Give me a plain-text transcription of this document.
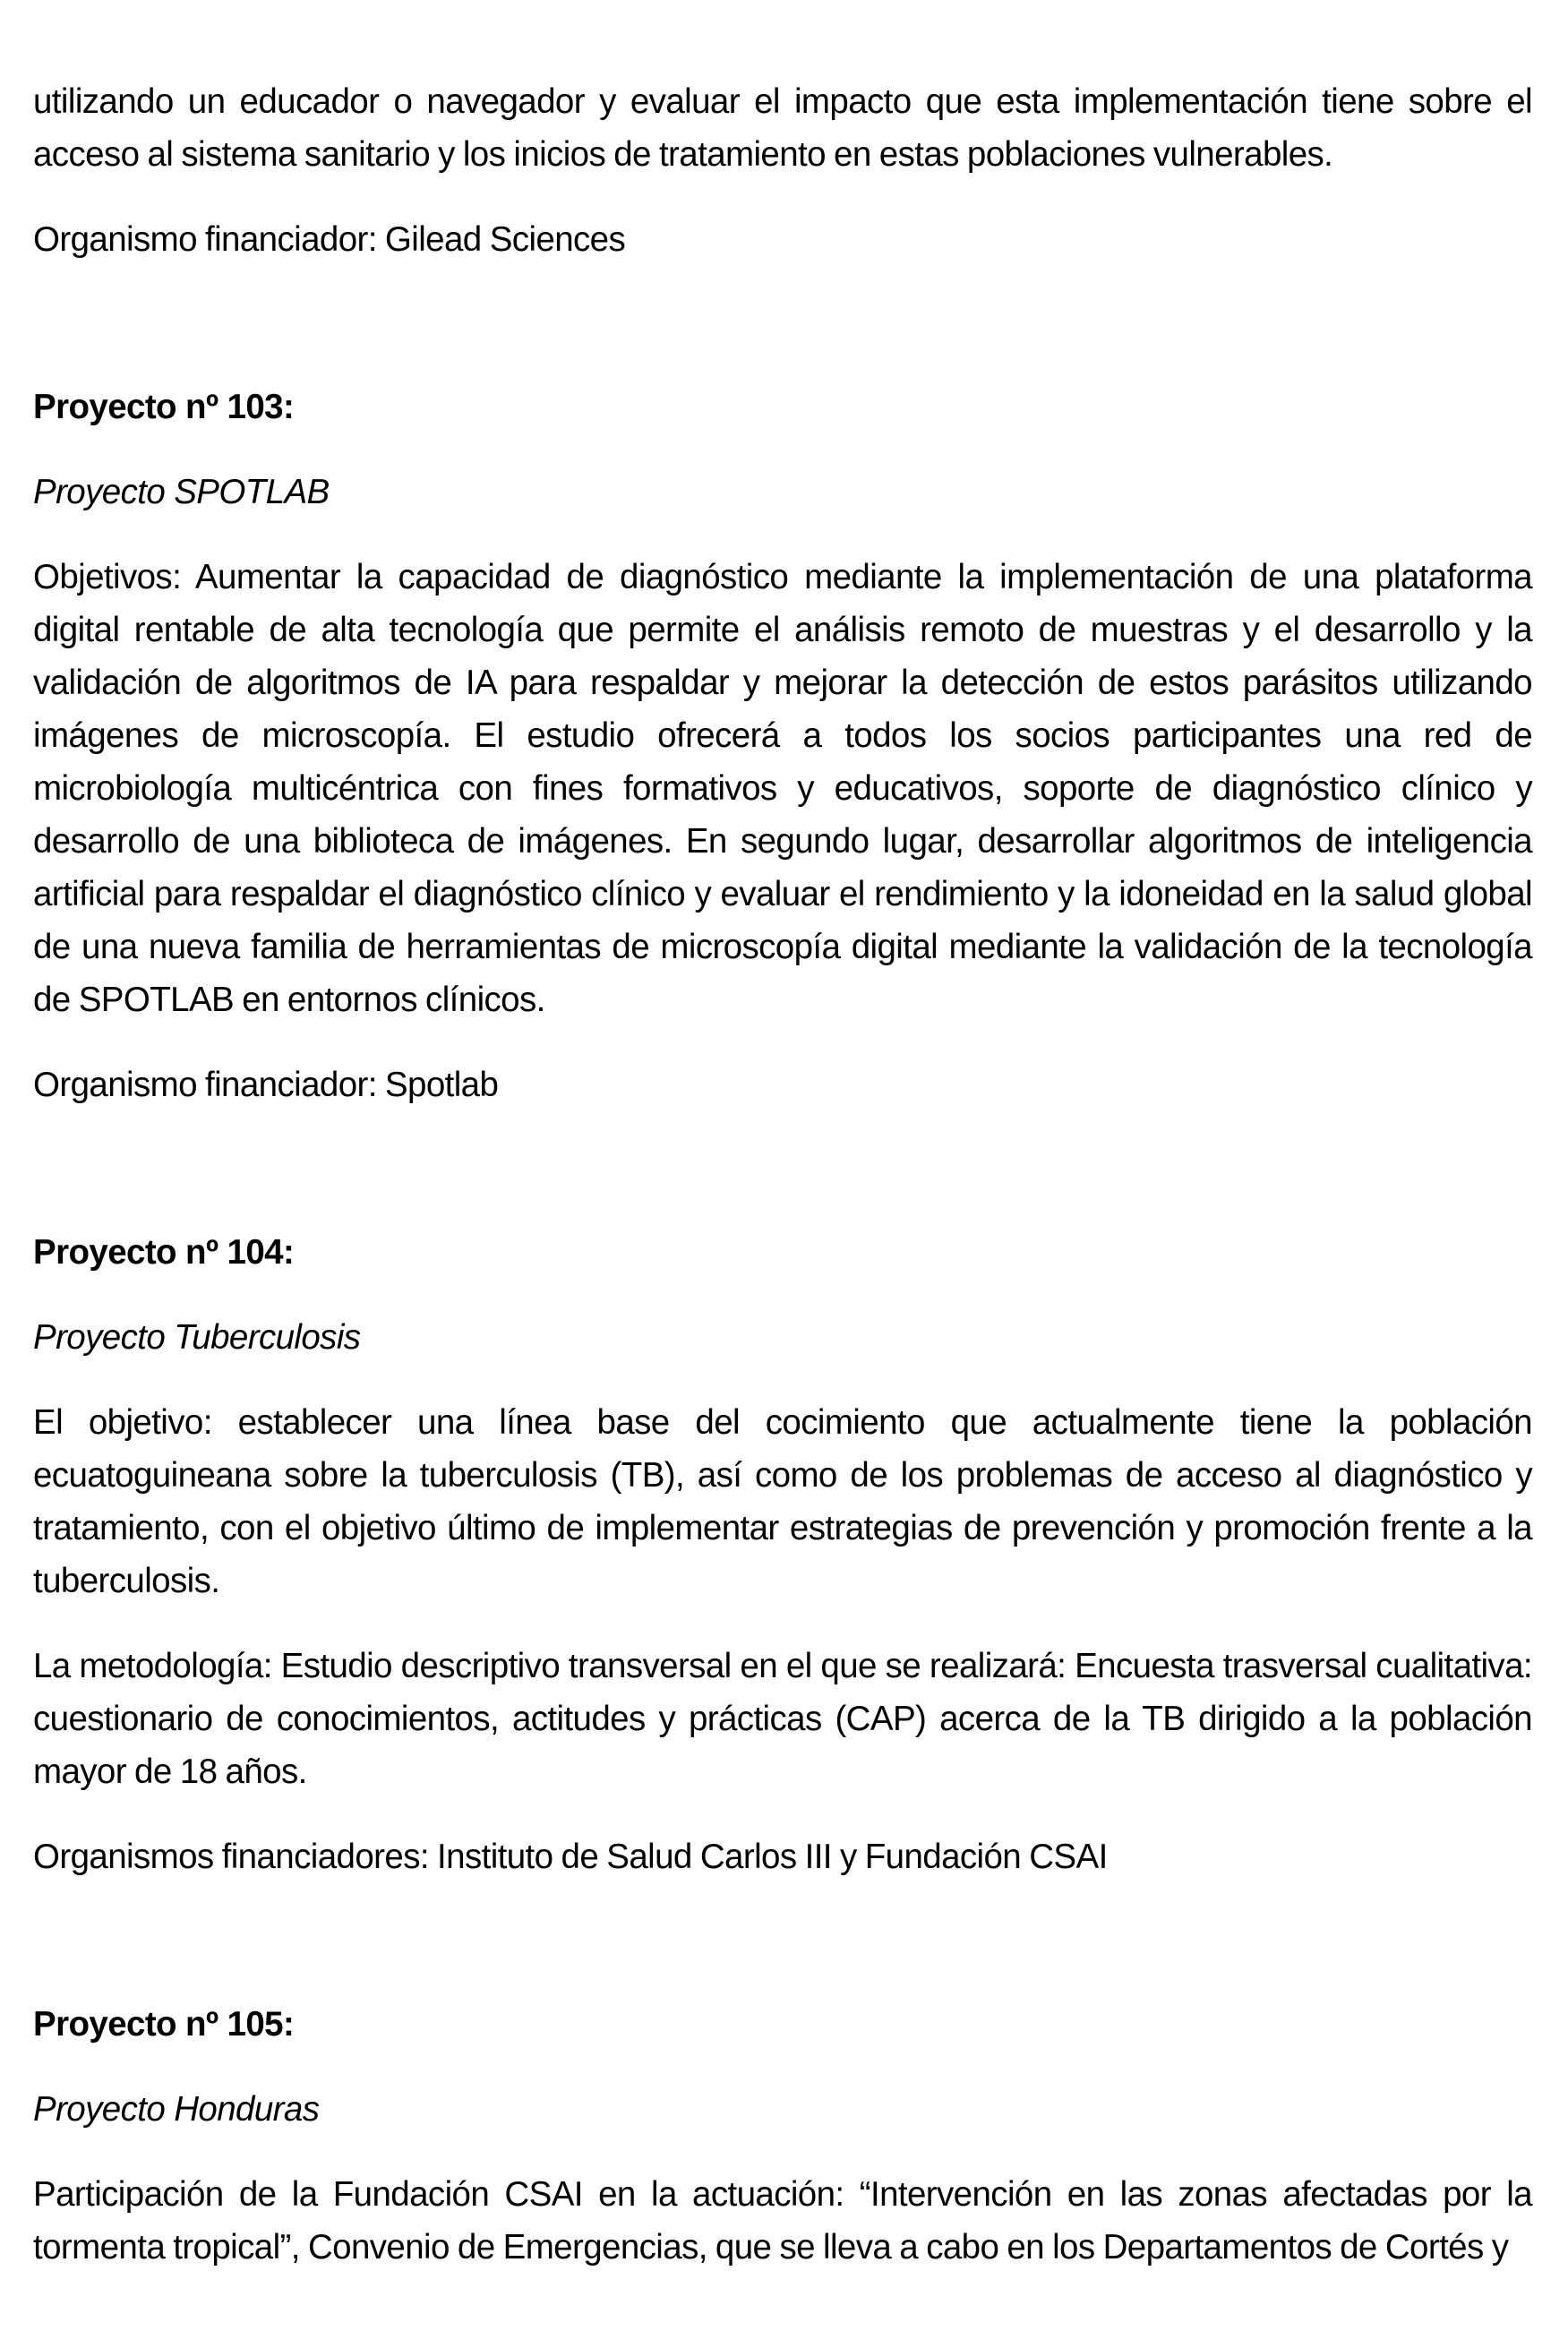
utilizando un educador o navegador y evaluar el impacto que esta implementación tiene sobre el acceso al sistema sanitario y los inicios de tratamiento en estas poblaciones vulnerables.

Organismo financiador: Gilead Sciences

Proyecto nº 103:

Proyecto SPOTLAB

Objetivos: Aumentar la capacidad de diagnóstico mediante la implementación de una plataforma digital rentable de alta tecnología que permite el análisis remoto de muestras y el desarrollo y la validación de algoritmos de IA para respaldar y mejorar la detección de estos parásitos utilizando imágenes de microscopía. El estudio ofrecerá a todos los socios participantes una red de microbiología multicéntrica con fines formativos y educativos, soporte de diagnóstico clínico y desarrollo de una biblioteca de imágenes. En segundo lugar, desarrollar algoritmos de inteligencia artificial para respaldar el diagnóstico clínico y evaluar el rendimiento y la idoneidad en la salud global de una nueva familia de herramientas de microscopía digital mediante la validación de la tecnología de SPOTLAB en entornos clínicos.

Organismo financiador: Spotlab

Proyecto nº 104:

Proyecto Tuberculosis

El objetivo: establecer una línea base del cocimiento que actualmente tiene la población ecuatoguineana sobre la tuberculosis (TB), así como de los problemas de acceso al diagnóstico y tratamiento, con el objetivo último de implementar estrategias de prevención y promoción frente a la tuberculosis.

La metodología: Estudio descriptivo transversal en el que se realizará: Encuesta trasversal cualitativa: cuestionario de conocimientos, actitudes y prácticas (CAP) acerca de la TB dirigido a la población mayor de 18 años.

Organismos financiadores: Instituto de Salud Carlos III y Fundación CSAI

Proyecto nº 105:

Proyecto Honduras

Participación de la Fundación CSAI en la actuación: “Intervención en las zonas afectadas por la tormenta tropical”, Convenio de Emergencias, que se lleva a cabo en los Departamentos de Cortés y
